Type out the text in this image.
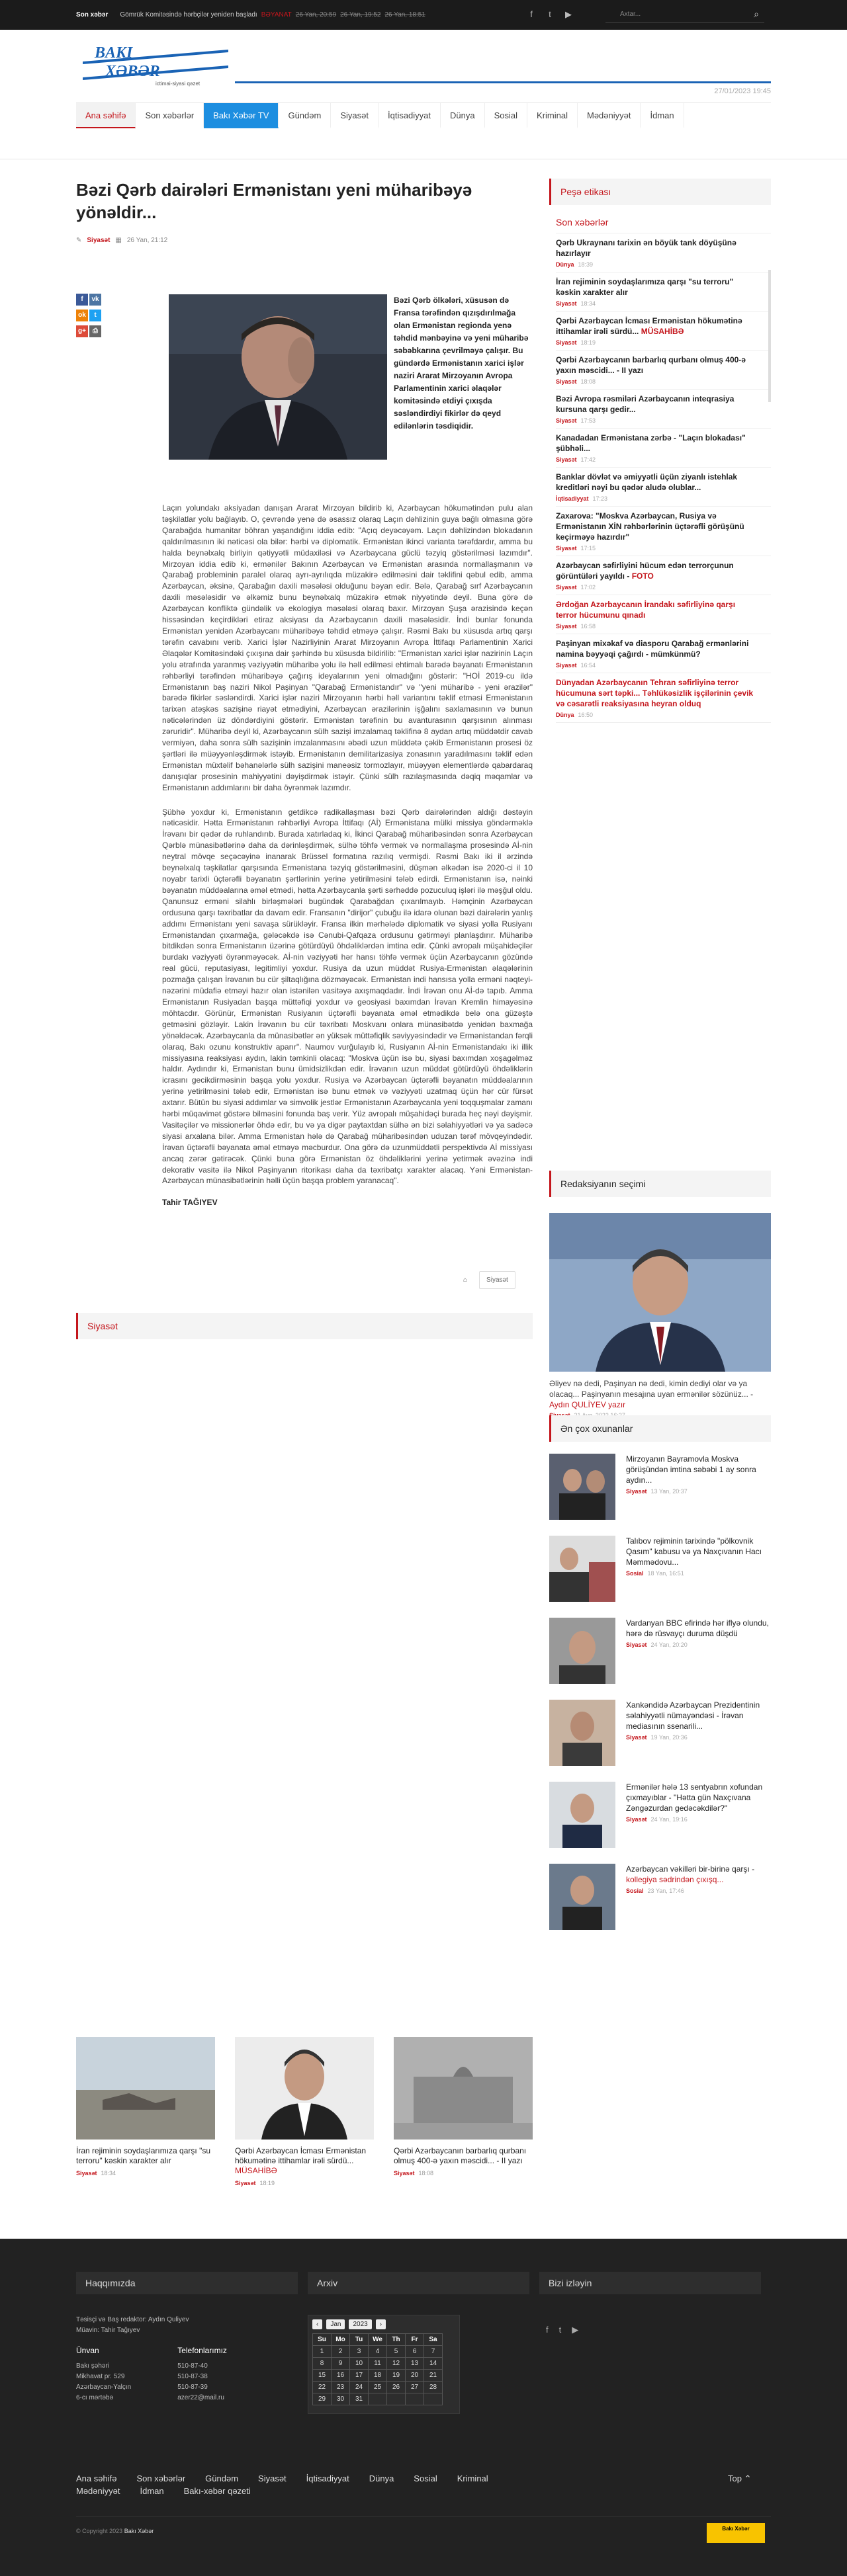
Son xəbər Gömrük Komitəsində hərbçilər yeniden başladı BƏYANAT 26 Yan, 20:59 26 Yan, 19:52 26 Yan, 18:51	f	t	▶	Axtar...	⌕
BAKI
XƏBƏR
ictimai-siyasi qəzet
27/01/2023 19:45
Ana səhifə	Son xəbərlər	Bakı Xəbər TV	Gündəm	Siyasət	İqtisadiyyat	Dünya	Sosial	Kriminal	Mədəniyyət	İdman
Bəzi Qərb dairələri Ermənistanı yeni müharibəyə yönəldir...
✎ Siyasət ▦ 26 Yan, 21:12
f vk ok t g+ ⎙
Bəzi Qərb ölkələri, xüsusən də Fransa tərəfindən qızışdırılmağa olan Ermənistan regionda yenə təhdid mənbəyinə və yeni müharibə səbəbkarına çevrilməyə çalışır. Bu gündərdə Ermənistanın xarici işlər naziri Ararat Mirzoyanın Avropa Parlamentinin xarici əlaqələr komitəsində etdiyi çıxışda səsləndirdiyi fikirlər də qeyd edilənlərin təsdiqidir.

Laçın yolundakı aksiyadan danışan Ararat Mirzoyan bildirib ki, Azərbaycan hökumətindən pulu alan təşkilatlar yolu bağlayıb. O, çevrəndə yenə də əsassız olaraq Laçın dəhlizinin guya bağlı olmasına görə Qarabağda humanitar böhran yaşandığını iddia edib: "Açıq deyəcəyəm. Laçın dəhlizindən blokadanın qaldırılmasının iki nəticəsi ola bilər: hərbi və diplomatik. Ermənistan ikinci varianta tərəfdardır, amma bu halda beynəlxalq birliyin qətiyyətli müdaxiləsi və Azərbaycana güclü təzyiq göstərilməsi lazımdır". Mirzoyan iddia edib ki, ermənilər Bakının Azərbaycan və Ermənistan arasında normallaşmanın və Qarabağ probleminin paralel olaraq ayrı-ayrılıqda müzakirə edilməsini dair təklifini qəbul edib, amma Azərbaycan, əksinə, Qarabağın daxili məsələsi olduğunu bəyan edir. Bələ, Qarabağ sırf Azərbaycanın daxili məsələsidir və əlkəmiz bunu beynəlxalq müzakirə etmək niyyətində deyil. Buna görə də Azərbaycan konfliktə gündəlik və ekologiya məsələsi olaraq baxır. Mirzoyan Şuşa ərazisində keçən hissəsindən keçirdikləri etiraz aksiyası da Azərbaycanın daxili məsələsidir. İndi bunlar fonunda Ermənistan yenidən Azərbaycanı müharibəyə təhdid etməyə çalışır. Rəsmi Bakı bu xüsusda artıq qarşı tərəfin cavabını verib. Xarici İşlər Nazirliyinin Ararat Mirzoyanın Avropa İttifaqı Parlamentinin Xarici Əlaqələr Komitəsindəki çıxışına dair şərhində bu xüsusda bildirilib: "Ermənistan xarici işlər nazirinin Laçın yolu ətrafında yaranmış vəziyyətin müharibə yolu ilə həll edilməsi ehtimalı barədə bəyanatı Ermənistanın rəhbərliyi tərəfindən müharibəyə çağırış ideyalarının yeni olmadığını göstərir: "HOİ 2019-cu ildə Ermənistanın baş naziri Nikol Paşinyan "Qarabağ Ermənistandır" və "yeni müharibə - yeni ərazilər" barədə fikirlər səsləndirdi. Xarici işlər naziri Mirzoyanın hərbi həll variantını təklif etməsi Ermənistanın tarixən atəşkəs sazişinə riayət etmədiyini, Azərbaycan ərazilərinin işğalını saxlamasının və bunun nəticələrindən üz döndərdiyini göstərir. Ermənistan tərəfinin bu avanturasının qarşısının alınması zəruridir". Müharibə deyil ki, Azərbaycanın sülh sazişi imzalamaq təklifinə 8 aydan artıq müddətdir cavab vermiyən, daha sonra sülh sazişinin imzalanmasını əbədi uzun müddətə çəkib Ermənistanın prosesi öz şərtləri ilə müəyyənləşdirmək istəyib. Ermənistanın demilitarizasiya zonasının yaradılmasını təklif edən Ermənistan müxtəlif bəhanələrlə sülh sazişini maneəsiz tormozlayır, müəyyən elementlərdə qabardaraq danışıqlar prosesinin mahiyyətini dəyişdirmək istəyir. Çünki sülh razılaşmasında dəqiq məqamlar və Ermənistanın addımlarını bir daha öyrənmək lazımdır.

Şübhə yoxdur ki, Ermənistanın getdikcə radikallaşması bəzi Qərb dairələrindən aldığı dəstəyin nəticəsidir. Hətta Ermənistanın rəhbərliyi Avropa İttifaqı (Aİ) Ermənistana mülki missiya göndərməklə İrəvanı bir qədər də ruhlandırıb. Burada xatırladaq ki, İkinci Qarabağ müharibəsindən sonra Azərbaycan Qərblə münasibətlərinə daha da dərinləşdirmək, sülhə töhfə vermək və normallaşma prosesində Aİ-nin neytral mövqe seçəcəyinə inanarak Brüssel formatına razılıq vermişdi. Rəsmi Bakı iki il ərzində beynəlxalq təşkilatlar qarşısında Ermənistana təzyiq göstərilməsini, düşmən əlkədən isə 2020-ci il 10 noyabr tarixli üçtərəfli bəyanatın şərtlərinin yerinə yetirilməsini tələb edirdi. Ermənistanın isə, nəinki bəyanatın müddəalarına əməl etmədi, hətta Azərbaycanla şərti sərhəddə pozuculuq işləri ilə məşğul oldu. Qanunsuz erməni silahlı birləşmələri bugündək Qarabağdan çıxarılmayıb. Həmçinin Azərbaycan ordusuna qarşı təxribatlar da davam edir. Fransanın "dirijor" çubuğu ilə idarə olunan bəzi dairələrin yanlış addımı Ermənistanı yeni savaşa sürükləyir. Fransa ilkin mərhələdə diplomatik və siyasi yolla Rusiyanı Ermənistandan çıxarmağa, gələcəkdə isə Cənubi-Qafqaza ordusunu gətirməyi planlaşdırır. Müharibə bitdikdən sonra Ermənistanın üzərinə götürdüyü öhdəliklərdən imtina edir. Çünki avropalı müşahidəçilər burdakı vəziyyəti öyrənməyəcək. Aİ-nin vəziyyəti hər hansı töhfə vermək üçün Azərbaycanın gözündə real gücü, reputasiyası, legitimliyi yoxdur. Rusiya da uzun müddət Rusiya-Ermənistan əlaqələrinin pozmağa çalışan İrəvanın bu cür şiltaqlığına dözməyəcək. Ermənistan indi hansısa yolla erməni nəqteyi-nəzərini müdafiə etməyi hazır olan istənilən vasitəyə axışmaqdadır. İndi İrəvan onu Aİ-də tapıb. Amma Ermənistanın Rusiyadan başqa müttəfiqi yoxdur və geosiyasi baxımdan İrəvan Kremlin himayəsinə möhtacdır. Görünür, Ermənistan Rusiyanın üçtərəfli bəyanata əməl etmədikdə belə ona güzəştə getməsini gözləyir. Lakin İrəvanın bu cür təxribatı Moskvanı onlara münasibətdə yenidən baxmağa yönəldəcək. Azərbaycanla da münasibətlər ən yüksək müttəfiqlik səviyyəsindədir və Ermənistandan fərqli olaraq, Bakı ozunu konstruktiv aparır". Naumov vurğulayıb ki, Rusiyanın Aİ-nin Ermənistandakı iki illik missiyasına reaksiyası aydın, lakin təmkinli olacaq: "Moskva üçün isə bu, siyasi baxımdan xoşagəlməz haldır. Aydındır ki, Ermənistan bunu ümidsizlikdən edir. İrəvanın uzun müddət götürdüyü öhdəliklərin icrasını gecikdirməsinin başqa yolu yoxdur. Rusiya və Azərbaycan üçtərəfli bəyanatın müddəalarının yerinə yetirilməsini tələb edir, Ermənistan isə bunu etmək və vəziyyəti uzatmaq üçün hər cür fürsət axtarır. Bütün bu siyasi addımlar və simvolik jestlər Ermənistanın Azərbaycanla yeni toqquşmalar zamanı hərbi müqavimət göstərə bilməsini fonunda baş verir. Yüz avropalı müşahidəçi burada heç nəyi dəyişmir. Vasitəçilər və missionerlər öhdə edir, bu və ya digər paytaxtdan sülhə ən bizi səlahiyyətləri və ya sadəcə siyasi arxalana bilər. Amma Ermənistan hələ də Qarabağ müharibəsindən uduzan tərəf mövqeyindədir. İrəvan üçtərəfli bəyanata əməl etməyə məcburdur. Ona görə də uzunmüddətli perspektivdə Aİ missiyası ancaq zərər gətirəcək. Çünki buna görə Ermənistan öz öhdəliklərini yerinə yetirmək əvəzinə indi dekorativ vasitə ilə Nikol Paşinyanın ritorikası daha da təxribatçı xarakter alacaq. Yəni Ermənistan-Azərbaycan münasibətlərinin həlli üçün başqa problem yaranacaq".

Tahir TAĞIYEV

⌂	Siyasət
Siyasət
İran rejiminin soydaşlarımıza qarşı "su terroru" kəskin xarakter alır
Siyasət 18:34
Qərbi Azərbaycan İcması Ermənistan hökumətinə ittihamlar irəli sürdü... MÜSAHİBƏ
Siyasət 18:19
Qərbi Azərbaycanın barbarlıq qurbanı olmuş 400-ə yaxın məscidi... - II yazı
Siyasət 18:08
Peşə etikası
Son xəbərlər
Qərb Ukraynanı tarixin ən böyük tank döyüşünə hazırlayır
Dünya 18:39
İran rejiminin soydaşlarımıza qarşı "su terroru" kəskin xarakter alır
Siyasət 18:34
Qərbi Azərbaycan İcması Ermənistan hökumətinə ittihamlar irəli sürdü... MÜSAHİBƏ
Siyasət 18:19
Qərbi Azərbaycanın barbarlıq qurbanı olmuş 400-ə yaxın məscidi... - II yazı
Siyasət 18:08
Bəzi Avropa rəsmiləri Azərbaycanın inteqrasiya kursuna qarşı gedir...
Siyasət 17:53
Kanadadan Ermənistana zərbə - "Laçın blokadası" şübhəli...
Siyasət 17:42
Banklar dövlət və əmiyyətli üçün ziyanlı istehlak kreditləri nəyi bu qədər aludə olublar...
İqtisadiyyat 17:23
Zaxarova: "Moskva Azərbaycan, Rusiya və Ermənistanın XİN rəhbərlərinin üçtərəfli görüşünü keçirməyə hazırdır"
Siyasət 17:15
Azərbaycan səfirliyini hücum edən terrorçunun görüntüləri yayıldı - FOTO
Siyasət 17:02
Ərdoğan Azərbaycanın İrandakı səfirliyinə qarşı terror hücumunu qınadı
Siyasət 16:58
Paşinyan mixəkaf və diasporu Qarabağ ermənlərini namina bəyyəqi çağırdı - mümkünmü?
Siyasət 16:54
Dünyadan Azərbaycanın Tehran səfirliyinə terror hücumuna sərt təpki... Təhlükəsizlik işçilərinin çevik və cəsarətli reaksiyasına heyran olduq
Dünya 16:50
Redaksiyanın seçimi
Əliyev nə dedi, Paşinyan nə dedi, kimin dediyi olar və ya olacaq... Paşinyanın mesajına uyan ermənilər sözünüz... - Aydın QULİYEV yazır
Ən çox oxunanlar
Mirzoyanın Bayramovla Moskva görüşündən imtina səbəbi 1 ay sonra aydın...
Siyasət 13 Yan, 20:37
Talıbov rejiminin tarixində "pölkovnik Qasım" kabusu və ya Naxçıvanın Hacı Məmmədovu...
Sosial 18 Yan, 16:51
Vardanyan BBC efirində hər iflyə olundu, hərə də rüsvayçı duruma düşdü
Siyasət 24 Yan, 20:20
Xankəndidə Azərbaycan Prezidentinin səlahiyyətli nümayəndəsi - İrəvan mediasının ssenarili...
Siyasət 19 Yan, 20:36
Ermənilər hələ 13 sentyabrın xofundan çıxmayıblar - "Hətta gün Naxçıvana Zəngəzurdan gedəcəkdilər?"
Siyasət 24 Yan, 19:16
Azərbaycan vəkilləri bir-birinə qarşı - kollegiya sədrindən çıxışq...
Sosial 23 Yan, 17:46
Haqqımızda	Arxiv	Bizi izləyin
Təsisçi və Baş redaktor: Aydın Quliyev
Müavin: Tahir Tağıyev
Ünvan
Bakı şəhəri
Mikhavat pr. 529
Azərbaycan-Yalçın
6-cı mərtəbə
Telefonlarımız
510-87-40
510-87-38
510-87-39
azer22@mail.ru
‹	Jan	2023	›
Su	Mo	Tu	We	Th	Fr	Sa
1	2	3	4	5	6	7
8	9	10	11	12	13	14
15	16	17	18	19	20	21
22	23	24	25	26	27	28
29	30	31				
f t ▶
Ana səhifə Son xəbərlər Gündəm Siyasət İqtisadiyyat Dünya Sosial Kriminal
Mədəniyyət İdman Bakı-xəbər qəzeti
Top ⌃
© Copyright 2023 Bakı Xəbər	Bakı Xəbər
